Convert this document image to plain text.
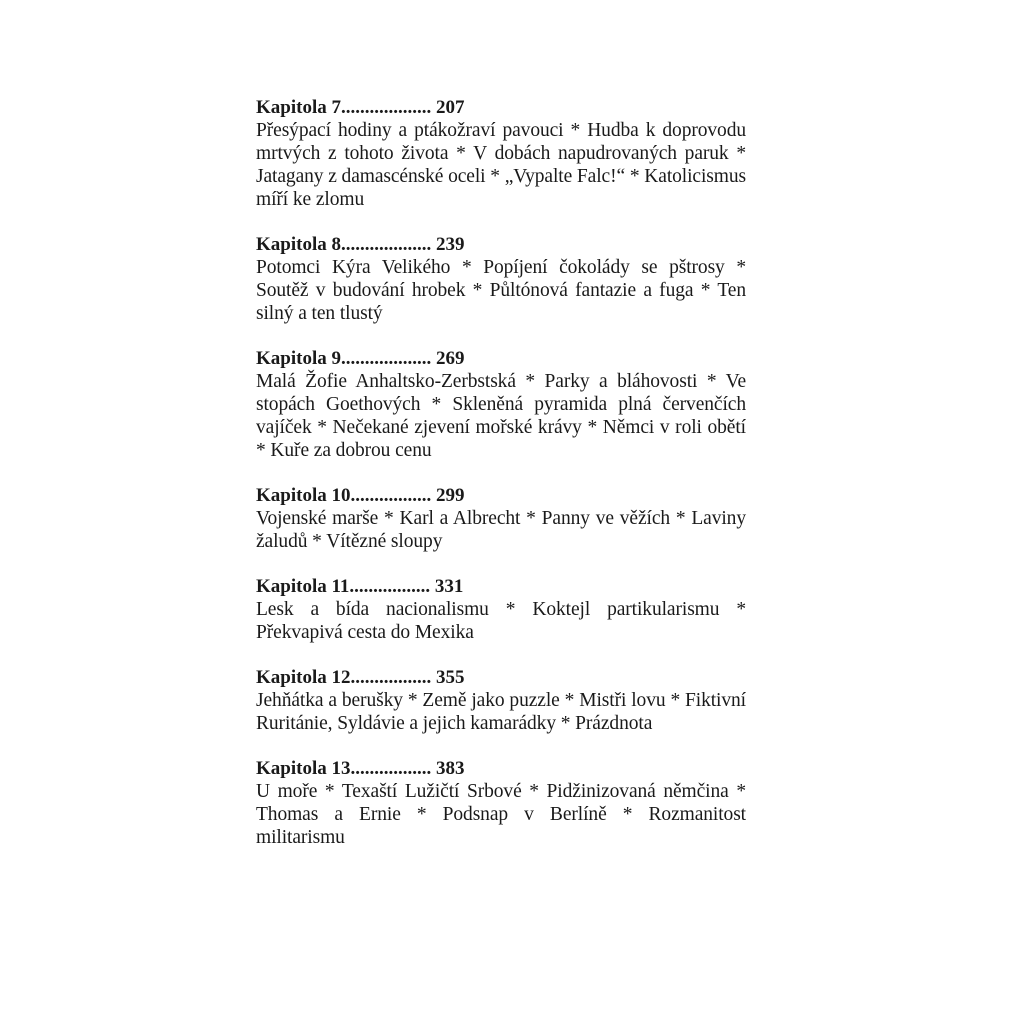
Kapitola 7................... 207

Přesýpací hodiny a ptákožraví pavouci * Hudba k doprovodu mrtvých z tohoto života * V dobách napudrovaných paruk * Jatagany z damascénské oceli * „Vypalte Falc!“ * Katolicismus míří ke zlomu

Kapitola 8................... 239

Potomci Kýra Velikého * Popíjení čokolády se pštrosy * Soutěž v budování hrobek * Půltónová fantazie a fuga * Ten silný a ten tlustý

Kapitola 9................... 269

Malá Žofie Anhaltsko-Zerbstská * Parky a bláhovosti * Ve stopách Goethových * Skleněná pyramida plná červenčích vajíček * Nečekané zjevení mořské krávy * Němci v roli obětí * Kuře za dobrou cenu

Kapitola 10................. 299

Vojenské marše * Karl a Albrecht * Panny ve věžích * Laviny žaludů * Vítězné sloupy

Kapitola 11................. 331

Lesk a bída nacionalismu * Koktejl partikularismu * Překvapivá cesta do Mexika

Kapitola 12................. 355

Jehňátka a berušky * Země jako puzzle * Mistři lovu * Fiktivní Ruritánie, Syldávie a jejich kamarádky * Prázdnota

Kapitola 13................. 383

U moře * Texaští Lužičtí Srbové * Pidžinizovaná němčina * Thomas a Ernie * Podsnap v Berlíně * Rozmanitost militarismu
